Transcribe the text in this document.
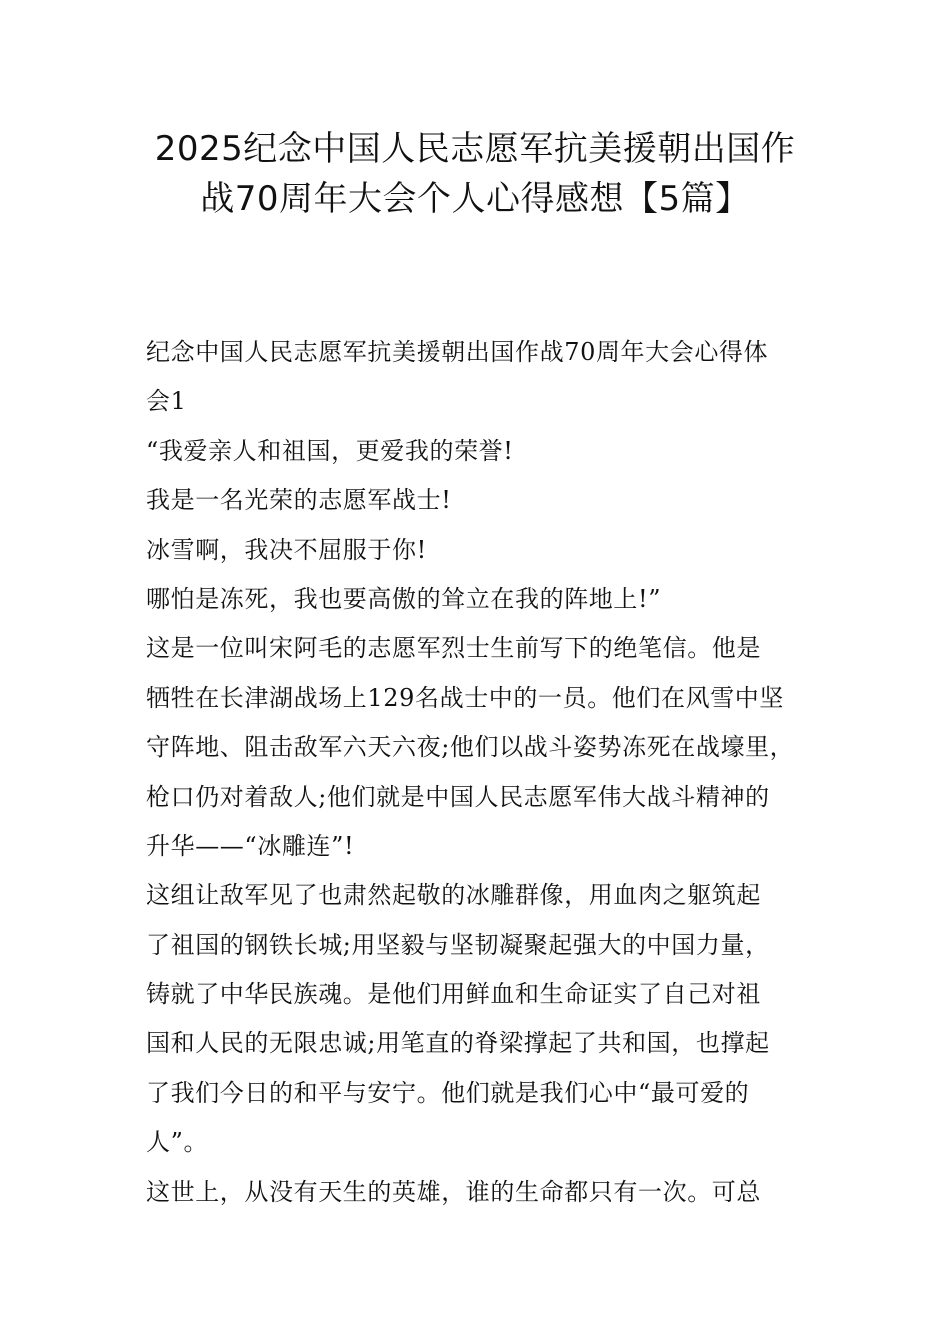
2025纪念中国人民志愿军抗美援朝出国作
战70周年大会个人心得感想【5篇】
纪念中国人民志愿军抗美援朝出国作战70周年大会心得体
会1
“我爱亲人和祖国，更爱我的荣誉!
我是一名光荣的志愿军战士!
冰雪啊，我决不屈服于你!
哪怕是冻死，我也要高傲的耸立在我的阵地上!”
这是一位叫宋阿毛的志愿军烈士生前写下的绝笔信。他是
牺牲在长津湖战场上129名战士中的一员。他们在风雪中坚
守阵地、阻击敌军六天六夜;他们以战斗姿势冻死在战壕里，
枪口仍对着敌人;他们就是中国人民志愿军伟大战斗精神的
升华——“冰雕连”!
这组让敌军见了也肃然起敬的冰雕群像，用血肉之躯筑起
了祖国的钢铁长城;用坚毅与坚韧凝聚起强大的中国力量，
铸就了中华民族魂。是他们用鲜血和生命证实了自己对祖
国和人民的无限忠诚;用笔直的脊梁撑起了共和国，也撑起
了我们今日的和平与安宁。他们就是我们心中“最可爱的
人”。
这世上，从没有天生的英雄，谁的生命都只有一次。可总
